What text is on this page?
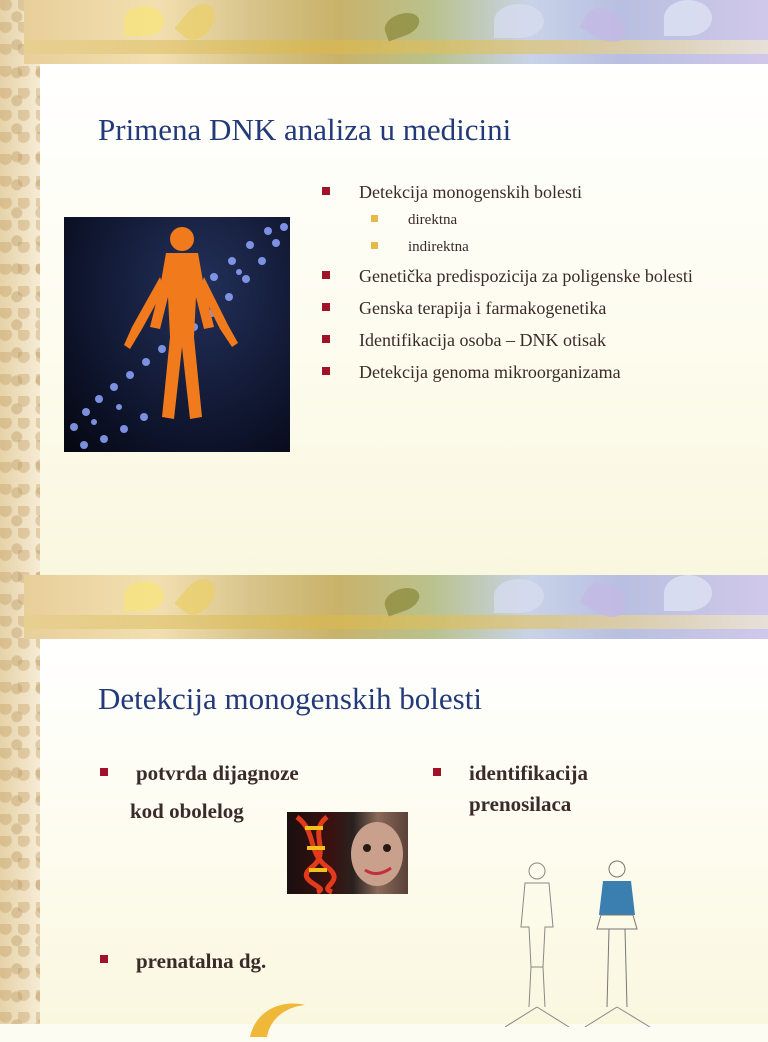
Primena DNK analiza u medicini
Detekcija monogenskih bolesti
direktna
indirektna
Genetička predispozicija za poligenske bolesti
Genska terapija i farmakogenetika
Identifikacija osoba – DNK otisak
Detekcija genoma mikroorganizama
Detekcija monogenskih bolesti
potvrda dijagnoze
kod obolelog
identifikacija
prenosilaca
prenatalna dg.
